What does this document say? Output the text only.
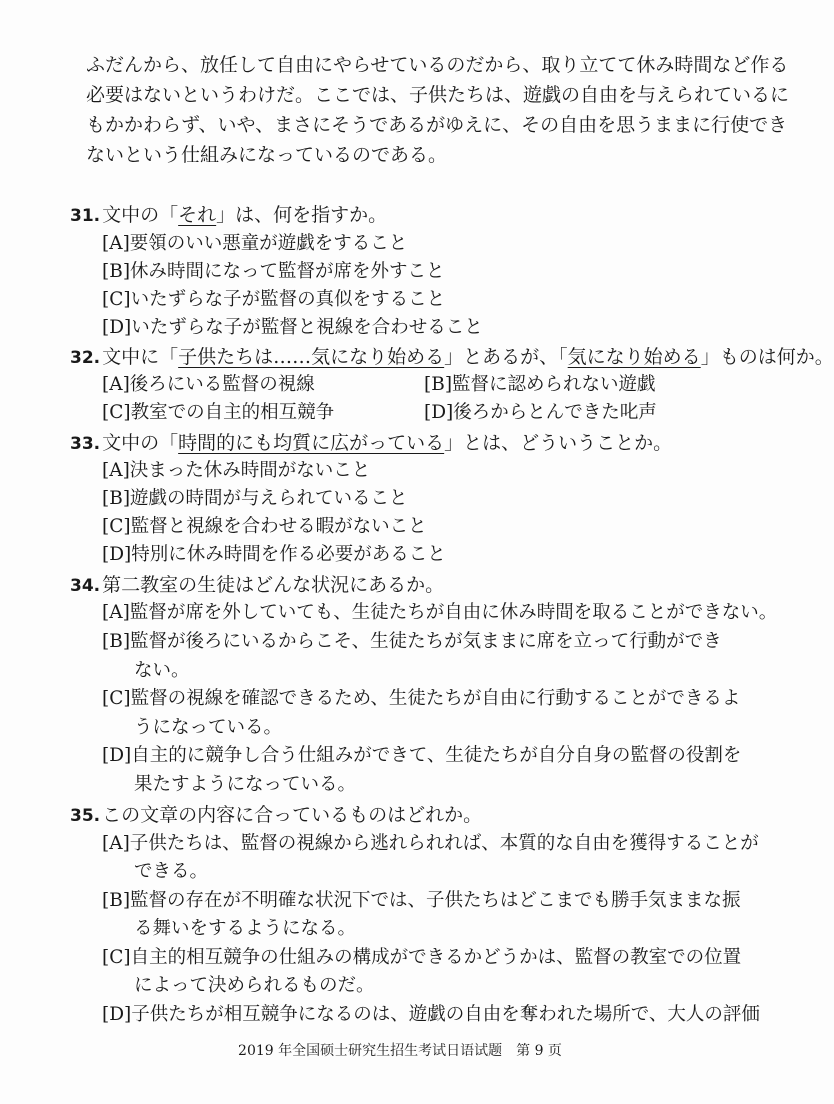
ふだんから、放任して自由にやらせているのだから、取り立てて休み時間など作る
必要はないというわけだ。ここでは、子供たちは、遊戯の自由を与えられているに
もかかわらず、いや、まさにそうであるがゆえに、その自由を思うままに行使でき
ないという仕組みになっているのである。
31. 文中の「それ」は、何を指すか。
[A]要領のいい悪童が遊戯をすること
[B]休み時間になって監督が席を外すこと
[C]いたずらな子が監督の真似をすること
[D]いたずらな子が監督と視線を合わせること
32. 文中に「子供たちは……気になり始める」とあるが、「気になり始める」ものは何か。
[A]後ろにいる監督の視線	[B]監督に認められない遊戯
[C]教室での自主的相互競争	[D]後ろからとんできた叱声
33. 文中の「時間的にも均質に広がっている」とは、どういうことか。
[A]決まった休み時間がないこと
[B]遊戯の時間が与えられていること
[C]監督と視線を合わせる暇がないこと
[D]特別に休み時間を作る必要があること
34. 第二教室の生徒はどんな状況にあるか。
[A]監督が席を外していても、生徒たちが自由に休み時間を取ることができない。
[B]監督が後ろにいるからこそ、生徒たちが気ままに席を立って行動ができ
ない。
[C]監督の視線を確認できるため、生徒たちが自由に行動することができるよ
うになっている。
[D]自主的に競争し合う仕組みができて、生徒たちが自分自身の監督の役割を
果たすようになっている。
35. この文章の内容に合っているものはどれか。
[A]子供たちは、監督の視線から逃れられれば、本質的な自由を獲得することが
できる。
[B]監督の存在が不明確な状況下では、子供たちはどこまでも勝手気ままな振
る舞いをするようになる。
[C]自主的相互競争の仕組みの構成ができるかどうかは、監督の教室での位置
によって決められるものだ。
[D]子供たちが相互競争になるのは、遊戯の自由を奪われた場所で、大人の評価
2019 年全国硕士研究生招生考试日语试题　第 9 页
